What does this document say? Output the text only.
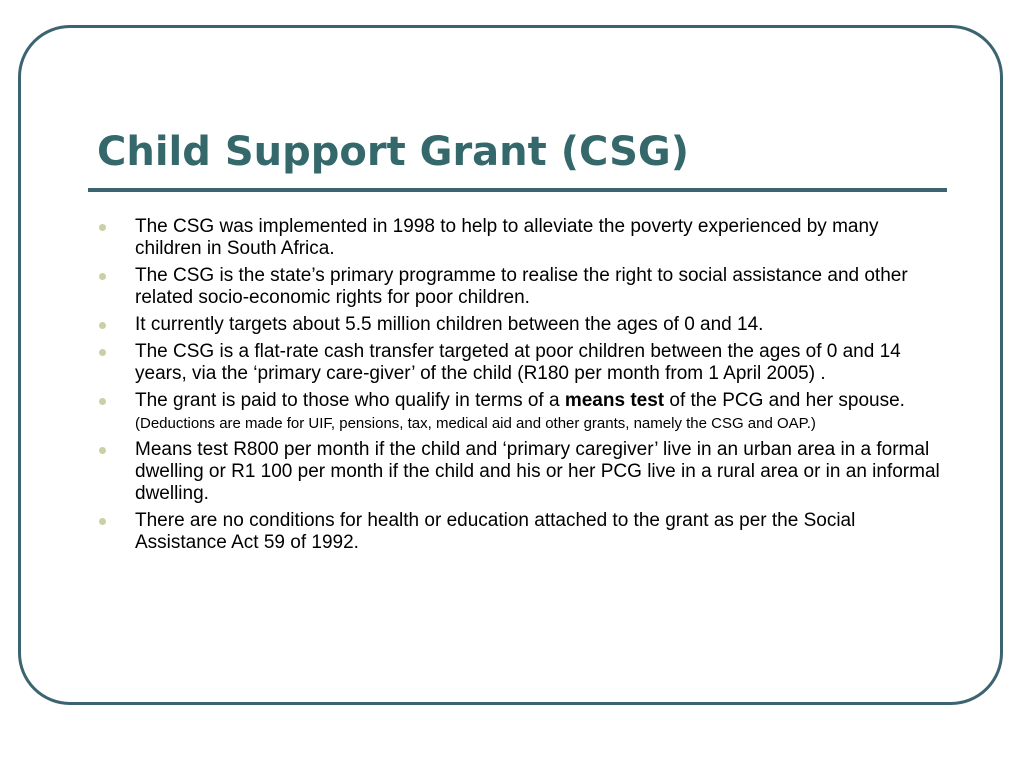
Child Support Grant (CSG)
The CSG was implemented in 1998 to help to alleviate the poverty experienced by many children in South Africa.
The CSG is the state’s primary programme to realise the right to social assistance and other related socio-economic rights for poor children.
It currently targets about 5.5 million children between the ages of 0 and 14.
The CSG is a flat-rate cash transfer targeted at poor children between the ages of 0 and 14 years, via the ‘primary care-giver’ of the child (R180 per month from 1 April 2005) .
The grant is paid to those who qualify in terms of a means test of the PCG and her spouse. (Deductions are made for UIF, pensions, tax, medical aid and other grants, namely the CSG and OAP.)
Means test R800 per month if the child and ‘primary caregiver’ live in an urban area in a formal dwelling or R1 100 per month if the child and his or her PCG live in a rural area or in an informal dwelling.
There are no conditions for health or education attached to the grant as per the Social Assistance Act 59 of 1992.
